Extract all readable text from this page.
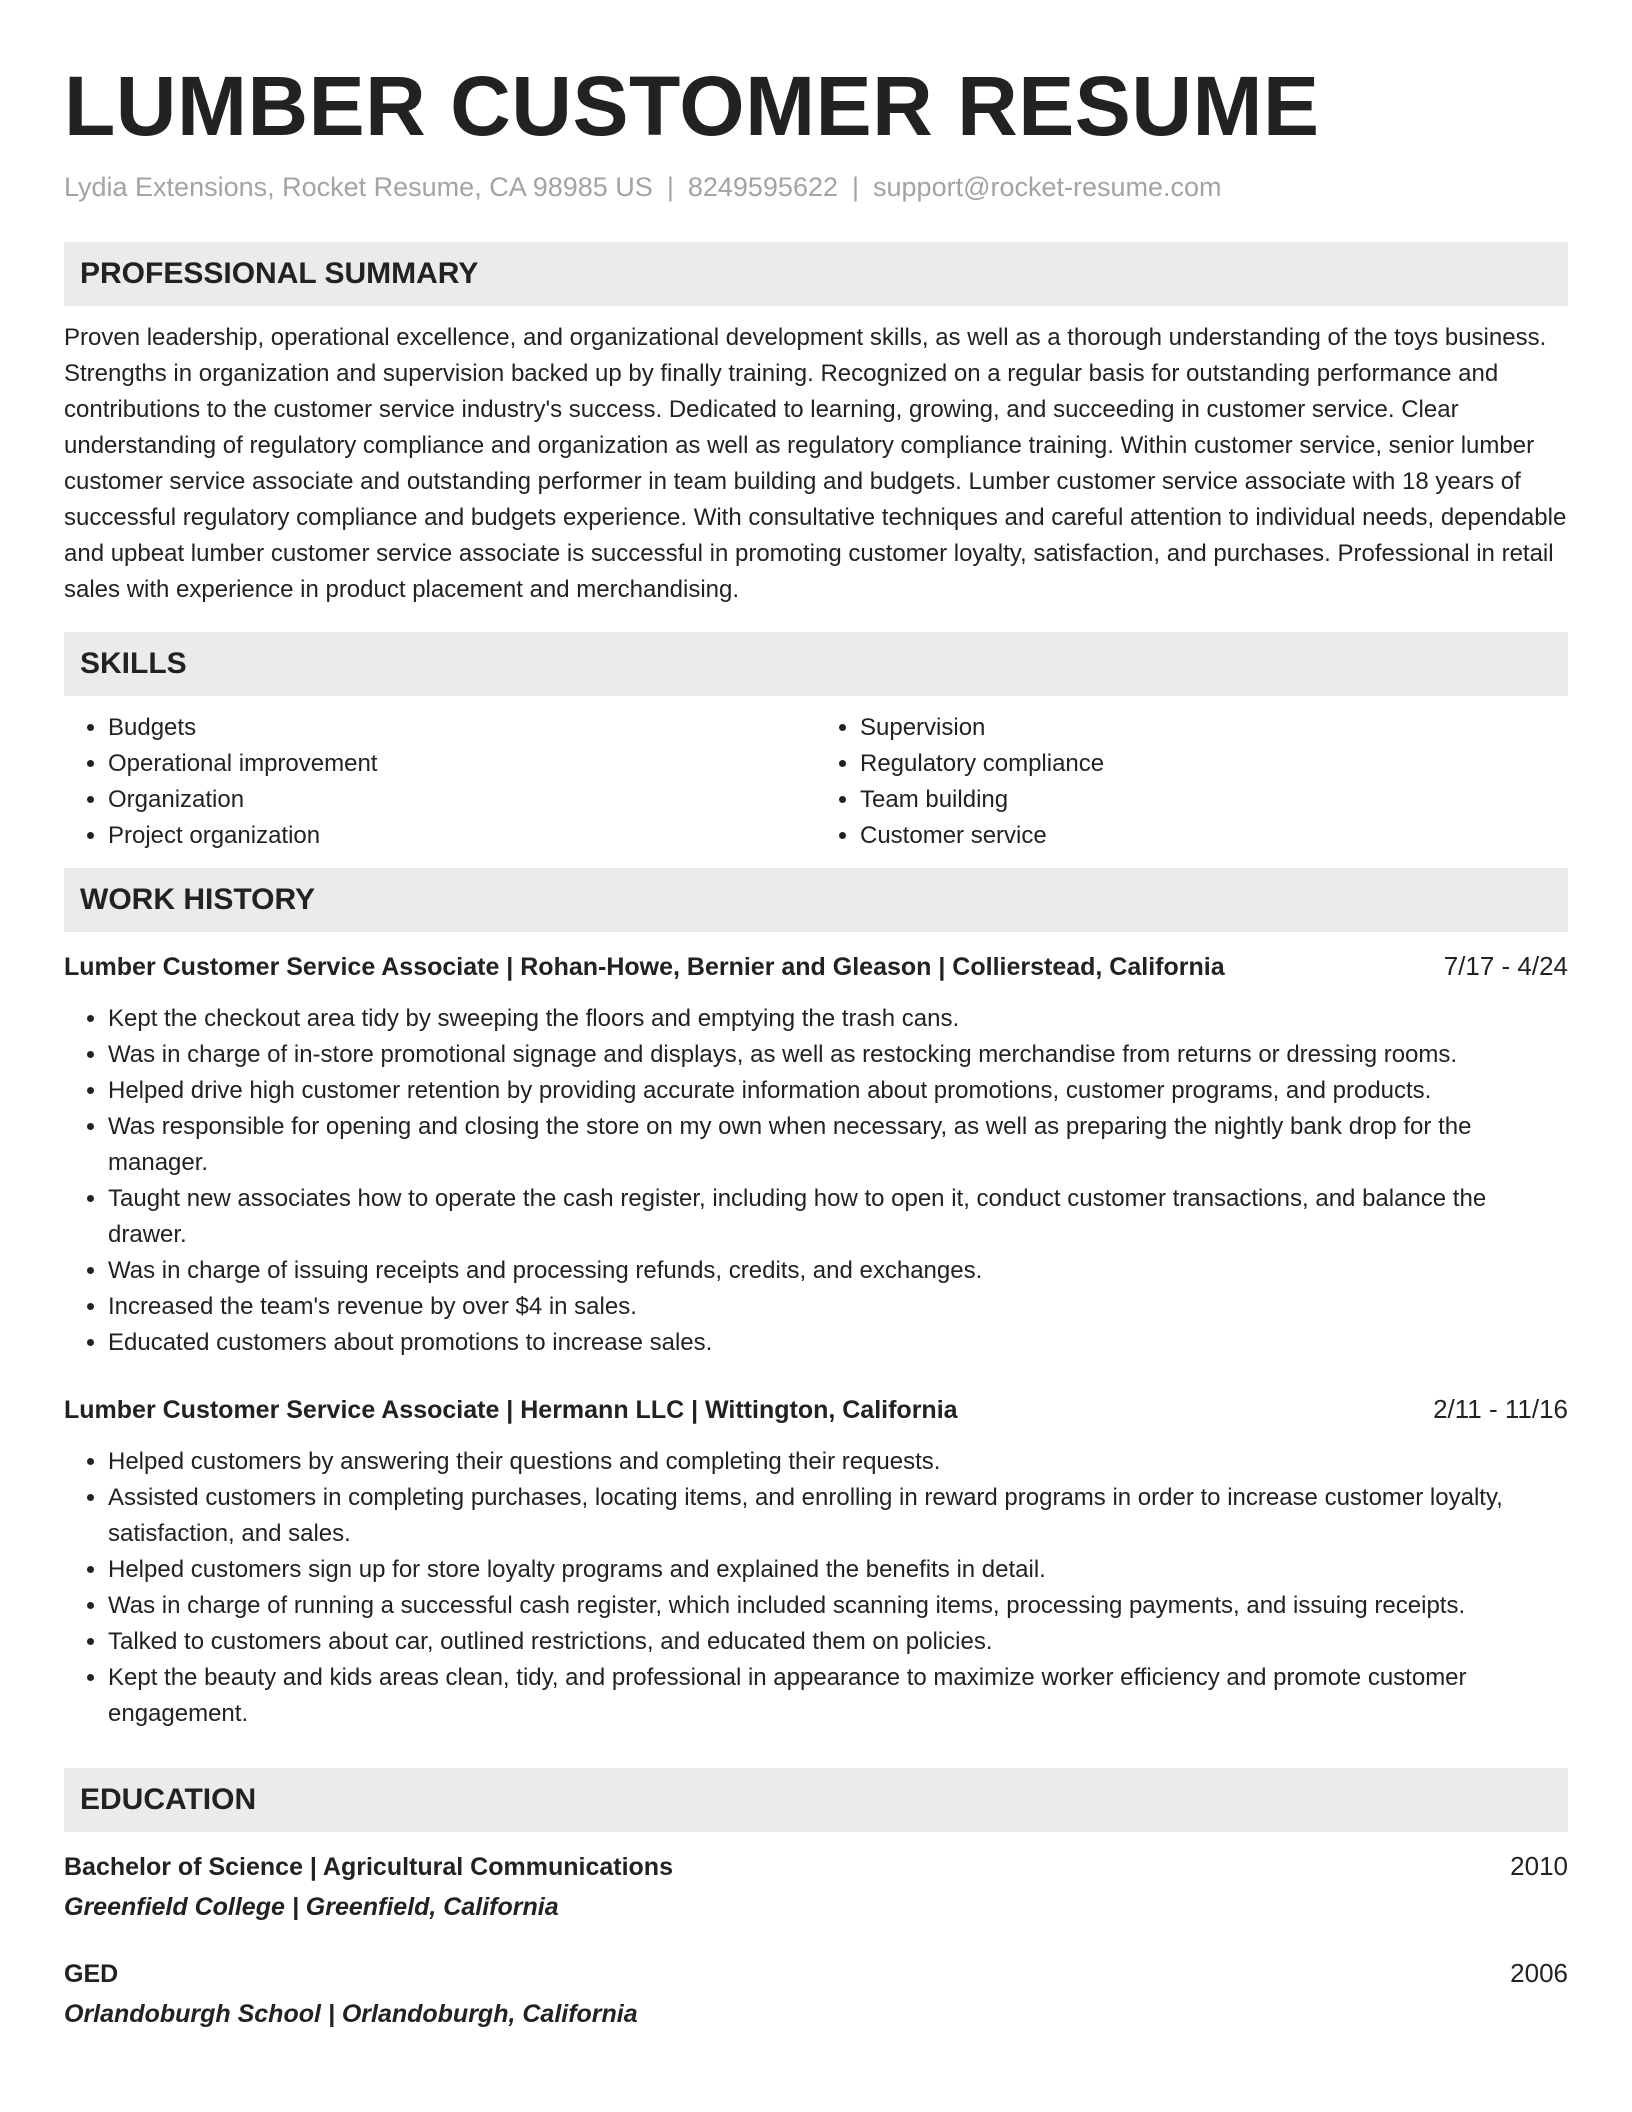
LUMBER CUSTOMER RESUME
Lydia Extensions, Rocket Resume, CA 98985 US | 8249595622 | support@rocket-resume.com
PROFESSIONAL SUMMARY

Proven leadership, operational excellence, and organizational development skills, as well as a thorough understanding of the toys business. Strengths in organization and supervision backed up by finally training. Recognized on a regular basis for outstanding performance and contributions to the customer service industry's success. Dedicated to learning, growing, and succeeding in customer service. Clear understanding of regulatory compliance and organization as well as regulatory compliance training. Within customer service, senior lumber customer service associate and outstanding performer in team building and budgets. Lumber customer service associate with 18 years of successful regulatory compliance and budgets experience. With consultative techniques and careful attention to individual needs, dependable and upbeat lumber customer service associate is successful in promoting customer loyalty, satisfaction, and purchases. Professional in retail sales with experience in product placement and merchandising.

SKILLS
• Budgets
• Operational improvement
• Organization
• Project organization
• Supervision
• Regulatory compliance
• Team building
• Customer service
WORK HISTORY
Lumber Customer Service Associate | Rohan-Howe, Bernier and Gleason | Collierstead, California	7/17 - 4/24
• Kept the checkout area tidy by sweeping the floors and emptying the trash cans.
• Was in charge of in-store promotional signage and displays, as well as restocking merchandise from returns or dressing rooms.
• Helped drive high customer retention by providing accurate information about promotions, customer programs, and products.
• Was responsible for opening and closing the store on my own when necessary, as well as preparing the nightly bank drop for the manager.
• Taught new associates how to operate the cash register, including how to open it, conduct customer transactions, and balance the drawer.
• Was in charge of issuing receipts and processing refunds, credits, and exchanges.
• Increased the team's revenue by over $4 in sales.
• Educated customers about promotions to increase sales.
Lumber Customer Service Associate | Hermann LLC | Wittington, California	2/11 - 11/16
• Helped customers by answering their questions and completing their requests.
• Assisted customers in completing purchases, locating items, and enrolling in reward programs in order to increase customer loyalty, satisfaction, and sales.
• Helped customers sign up for store loyalty programs and explained the benefits in detail.
• Was in charge of running a successful cash register, which included scanning items, processing payments, and issuing receipts.
• Talked to customers about car, outlined restrictions, and educated them on policies.
• Kept the beauty and kids areas clean, tidy, and professional in appearance to maximize worker efficiency and promote customer engagement.
EDUCATION
Bachelor of Science | Agricultural Communications	2010
Greenfield College | Greenfield, California
GED	2006
Orlandoburgh School | Orlandoburgh, California
